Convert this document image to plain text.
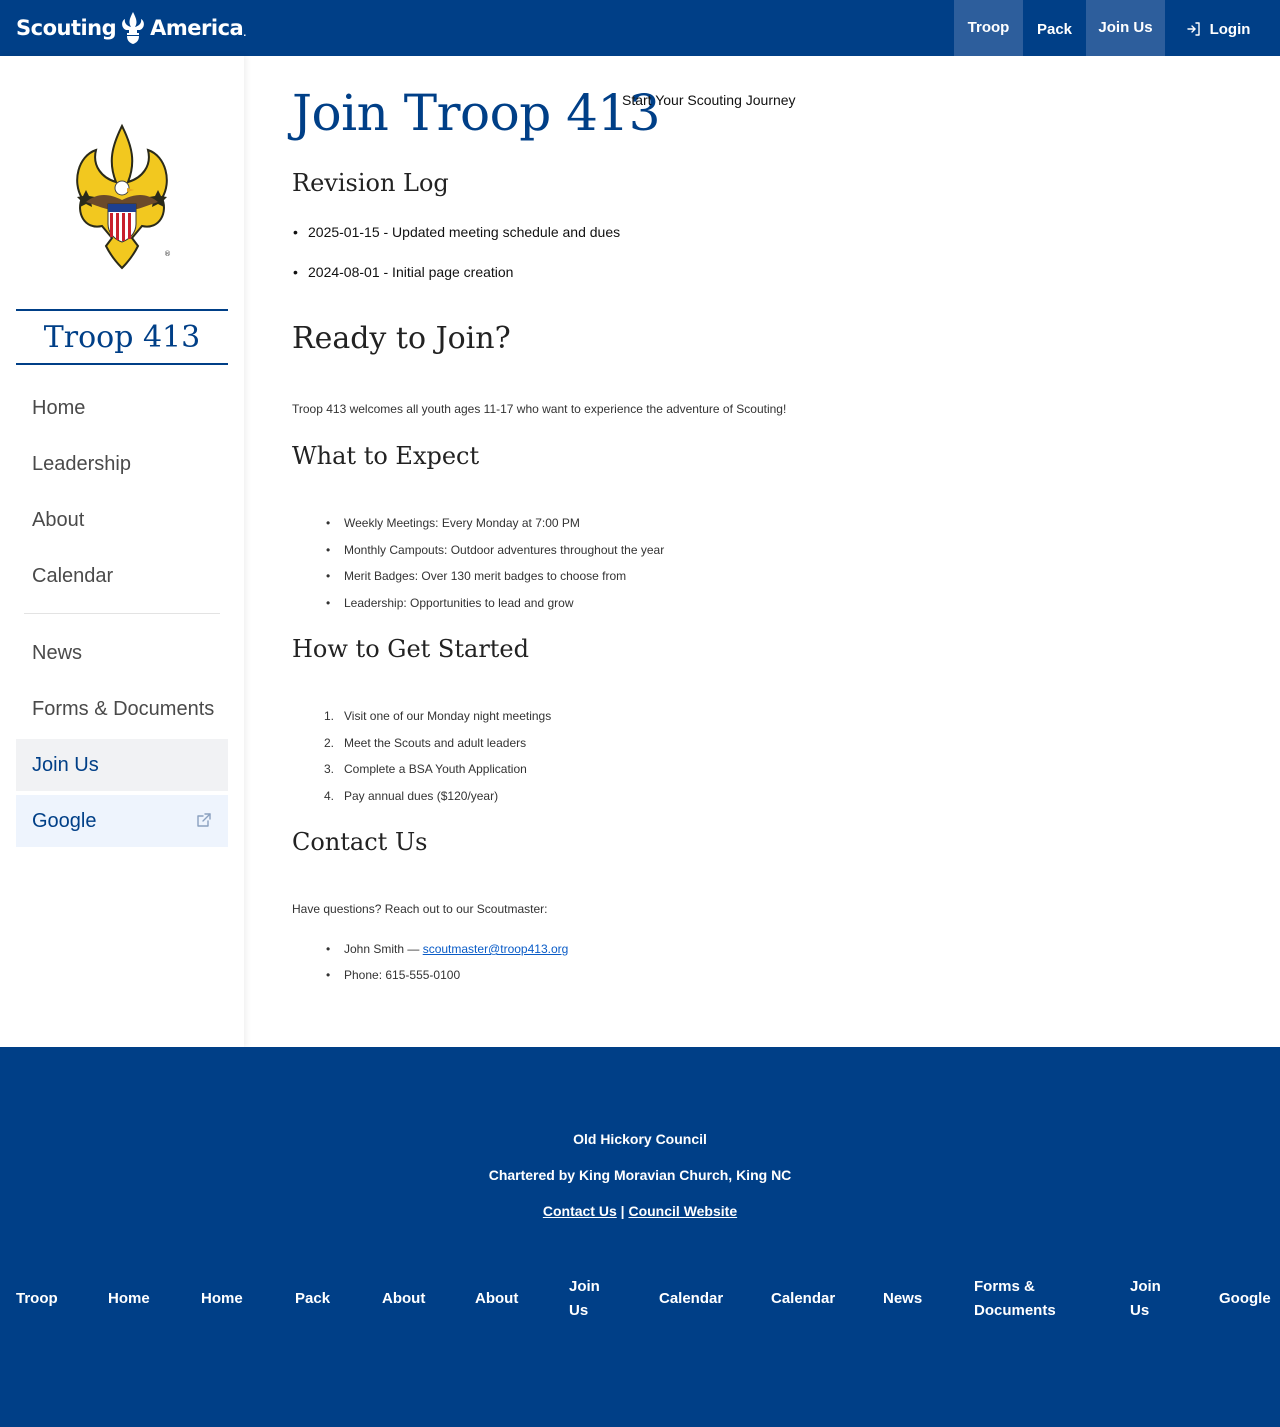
Scouting America .	Troop	Pack	Join Us	Login
®
Troop 413
Home
Leadership
About
Calendar
News
Forms & Documents
Join Us
Google
Join Troop 413
Start Your Scouting Journey
Revision Log
• 2025-01-15 - Updated meeting schedule and dues
• 2024-08-01 - Initial page creation
Ready to Join?
Troop 413 welcomes all youth ages 11-17 who want to experience the adventure of Scouting!
What to Expect
• Weekly Meetings: Every Monday at 7:00 PM
• Monthly Campouts: Outdoor adventures throughout the year
• Merit Badges: Over 130 merit badges to choose from
• Leadership: Opportunities to lead and grow
How to Get Started
1. Visit one of our Monday night meetings
2. Meet the Scouts and adult leaders
3. Complete a BSA Youth Application
4. Pay annual dues ($120/year)
Contact Us
Have questions? Reach out to our Scoutmaster:
• John Smith — scoutmaster@troop413.org
• Phone: 615-555-0100
Old Hickory Council
Chartered by King Moravian Church, King NC
Contact Us | Council Website
Troop	Home	Home	Pack	About	About
Join
Us
Calendar	Calendar	News
Forms &
Documents
Join
Us
Google
